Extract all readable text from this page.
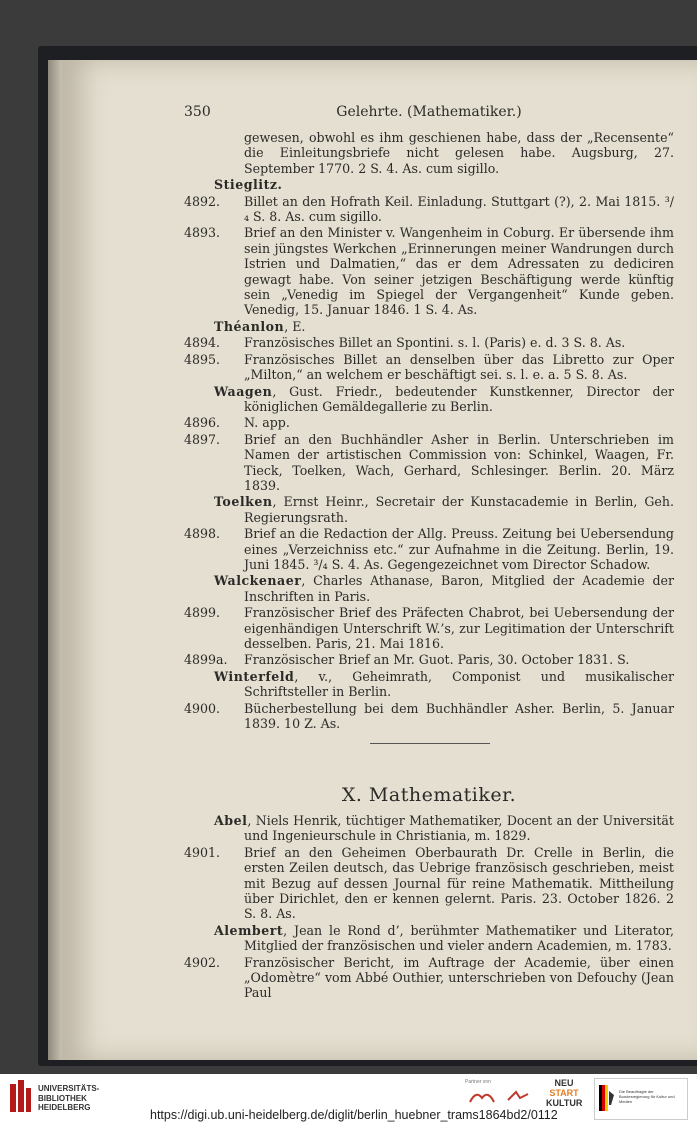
350	Gelehrte. (Mathematiker.)
gewesen, obwohl es ihm geschienen habe, dass der „Recensente“ die Einleitungsbriefe nicht gelesen habe. Augsburg, 27. September 1770. 2 S. 4. As. cum sigillo.
Stieglitz.
4892.	Billet an den Hofrath Keil. Einladung. Stuttgart (?), 2. Mai 1815. ³/₄ S. 8. As. cum sigillo.
4893.	Brief an den Minister v. Wangenheim in Coburg. Er übersende ihm sein jüngstes Werkchen „Erinnerungen meiner Wandrungen durch Istrien und Dalmatien,“ das er dem Adressaten zu dediciren gewagt habe. Von seiner jetzigen Beschäftigung werde künftig sein „Venedig im Spiegel der Vergangenheit“ Kunde geben. Venedig, 15. Januar 1846. 1 S. 4. As.
Théanlon, E.
4894.	Französisches Billet an Spontini. s. l. (Paris) e. d. 3 S. 8. As.
4895.	Französisches Billet an denselben über das Libretto zur Oper „Milton,“ an welchem er beschäftigt sei. s. l. e. a. 5 S. 8. As.
Waagen, Gust. Friedr., bedeutender Kunstkenner, Director der königlichen Gemäldegallerie zu Berlin.
4896.	N. app.
4897.	Brief an den Buchhändler Asher in Berlin. Unterschrieben im Namen der artistischen Commission von: Schinkel, Waagen, Fr. Tieck, Toelken, Wach, Gerhard, Schlesinger. Berlin. 20. März 1839.
Toelken, Ernst Heinr., Secretair der Kunstacademie in Berlin, Geh. Regierungsrath.
4898.	Brief an die Redaction der Allg. Preuss. Zeitung bei Uebersendung eines „Verzeichniss etc.“ zur Aufnahme in die Zeitung. Berlin, 19. Juni 1845. ³/₄ S. 4. As. Gegengezeichnet vom Director Schadow.
Walckenaer, Charles Athanase, Baron, Mitglied der Academie der Inschriften in Paris.
4899.	Französischer Brief des Präfecten Chabrot, bei Uebersendung der eigenhändigen Unterschrift W.’s, zur Legitimation der Unterschrift desselben. Paris, 21. Mai 1816.
4899a.	Französischer Brief an Mr. Guot. Paris, 30. October 1831. S.
Winterfeld, v., Geheimrath, Componist und musikalischer Schriftsteller in Berlin.
4900.	Bücherbestellung bei dem Buchhändler Asher. Berlin, 5. Januar 1839. 10 Z. As.
X. Mathematiker.
Abel, Niels Henrik, tüchtiger Mathematiker, Docent an der Universität und Ingenieurschule in Christiania, m. 1829.
4901.	Brief an den Geheimen Oberbaurath Dr. Crelle in Berlin, die ersten Zeilen deutsch, das Uebrige französisch geschrieben, meist mit Bezug auf dessen Journal für reine Mathematik. Mittheilung über Dirichlet, den er kennen gelernt. Paris. 23. October 1826. 2 S. 8. As.
Alembert, Jean le Rond d’, berühmter Mathematiker und Literator, Mitglied der französischen und vieler andern Academien, m. 1783.
4902.	Französischer Bericht, im Auftrage der Academie, über einen „Odomètre“ vom Abbé Outhier, unterschrieben von Defouchy (Jean Paul
UNIVERSITÄTS-
BIBLIOTHEK
HEIDELBERG
Partner von	NEU
START
KULTUR
Die Beauftragte der Bundesregierung für Kultur und Medien
https://digi.ub.uni-heidelberg.de/diglit/berlin_huebner_trams1864bd2/0112
